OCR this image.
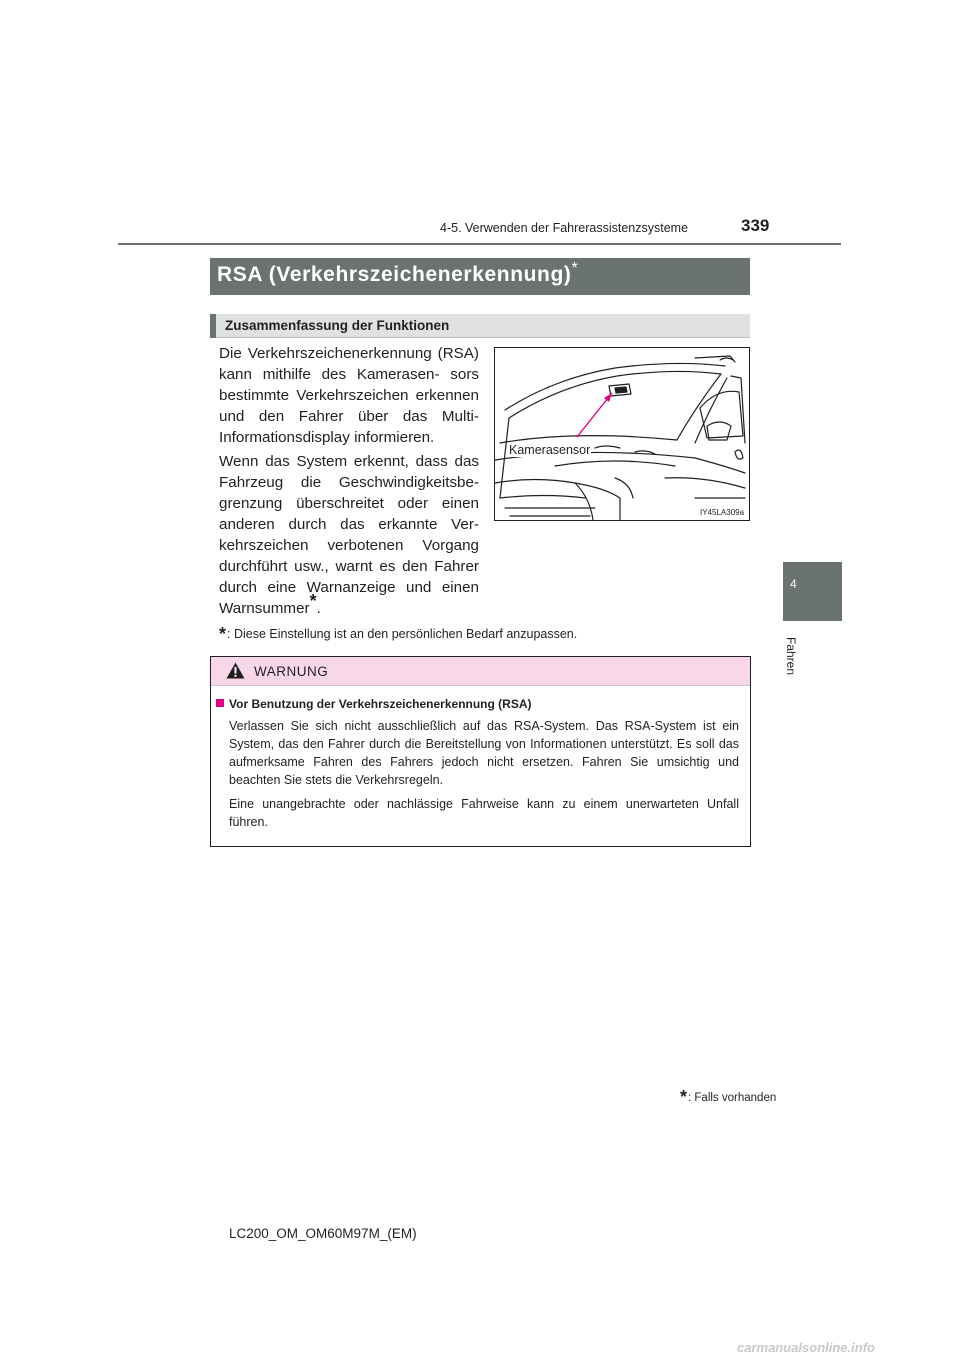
4-5. Verwenden der Fahrerassistenzsysteme	339
4
Fahren
RSA (Verkehrszeichenerkennung)*
Zusammenfassung der Funktionen
Die Verkehrszeichenerkennung (RSA) kann mithilfe des Kamerasen- sors bestimmte Verkehrszeichen erkennen und den Fahrer über das Multi-Informationsdisplay informieren.
Wenn das System erkennt, dass das Fahrzeug die Geschwindigkeitsbe- grenzung überschreitet oder einen anderen durch das erkannte Ver- kehrszeichen verbotenen Vorgang durchführt usw., warnt es den Fahrer durch eine Warnanzeige und einen Warnsummer*.
Kamerasensor
IY45LA309a
*: Diese Einstellung ist an den persönlichen Bedarf anzupassen.
WARNUNG
Vor Benutzung der Verkehrszeichenerkennung (RSA)
Verlassen Sie sich nicht ausschließlich auf das RSA-System. Das RSA-System ist ein System, das den Fahrer durch die Bereitstellung von Informationen unterstützt. Es soll das aufmerksame Fahren des Fahrers jedoch nicht ersetzen. Fahren Sie umsichtig und beachten Sie stets die Verkehrsregeln.
Eine unangebrachte oder nachlässige Fahrweise kann zu einem unerwarteten Unfall führen.
*: Falls vorhanden
LC200_OM_OM60M97M_(EM)
carmanualsonline.info
